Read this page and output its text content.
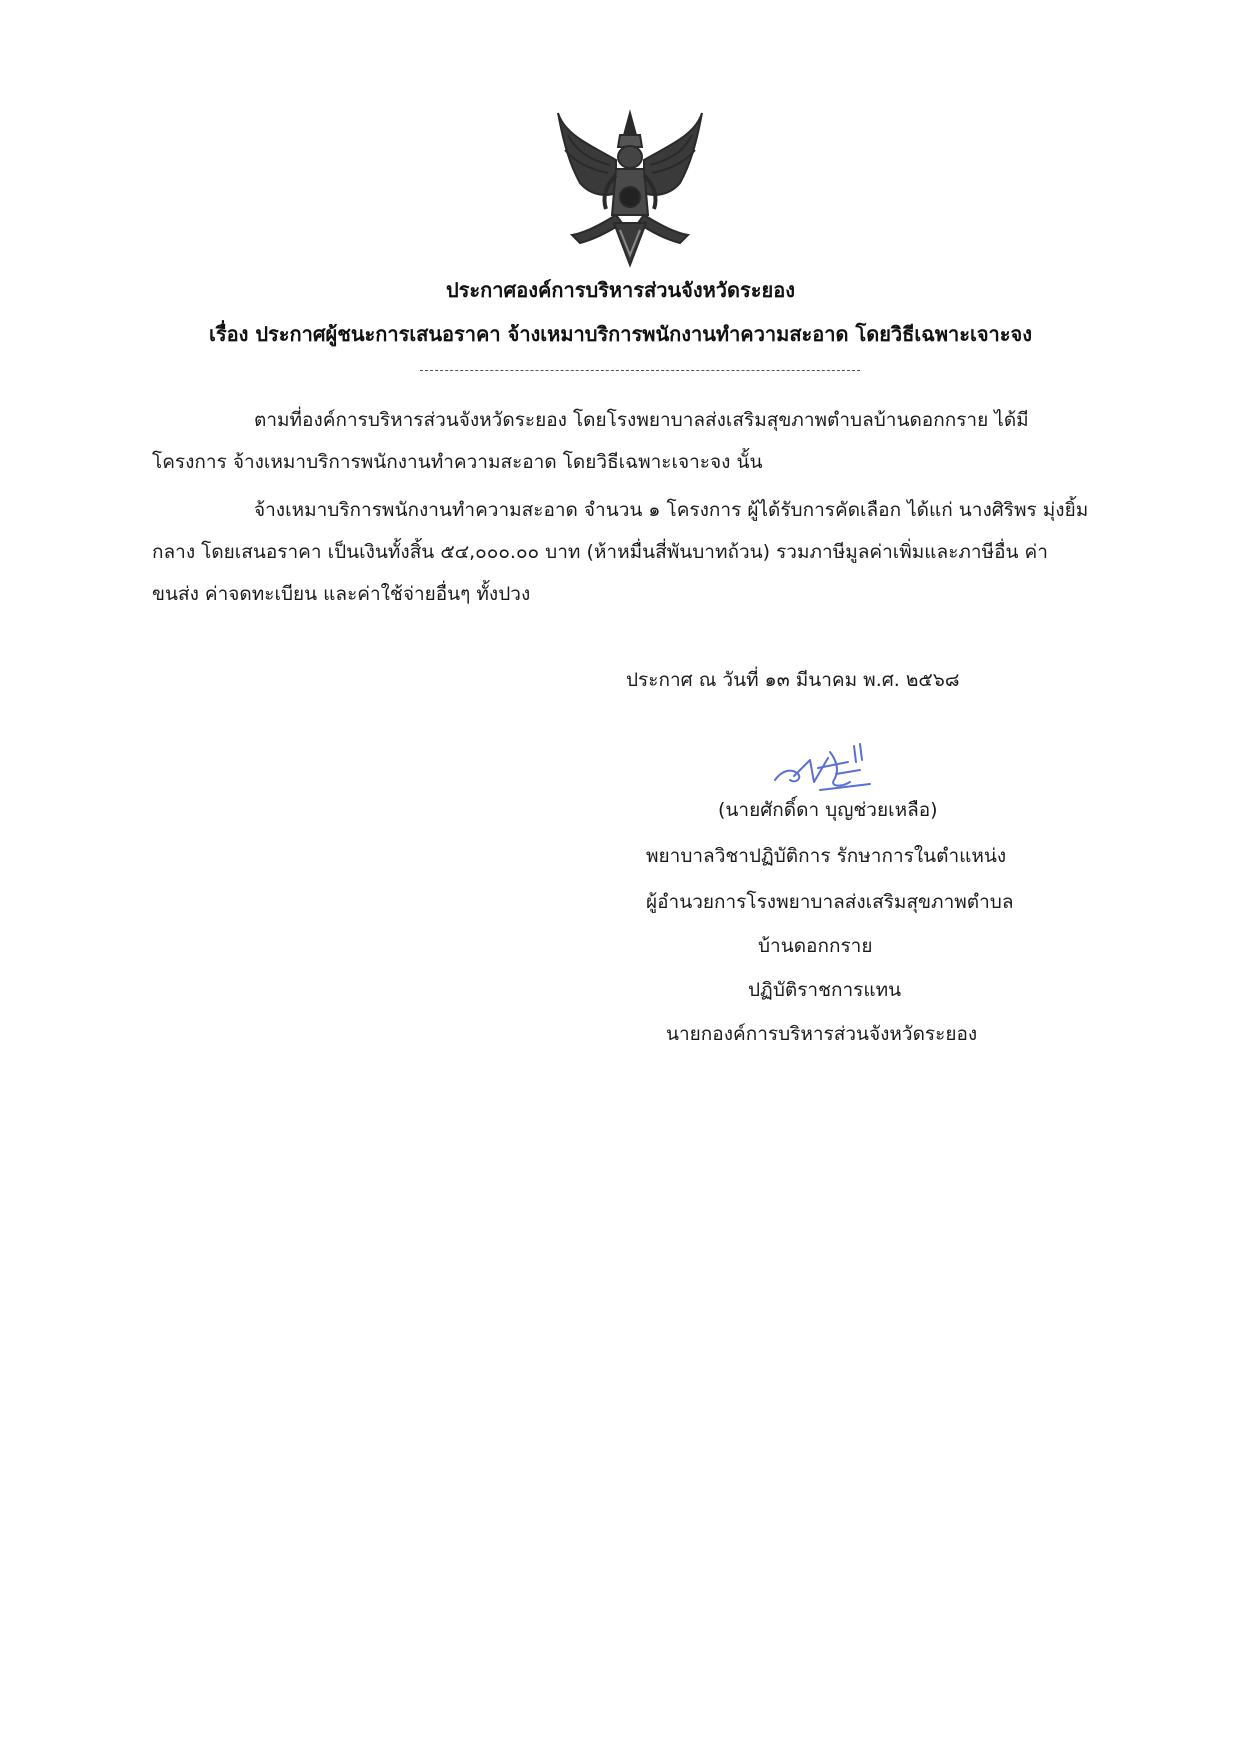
ประกาศองค์การบริหารส่วนจังหวัดระยอง
เรื่อง ประกาศผู้ชนะการเสนอราคา จ้างเหมาบริการพนักงานทำความสะอาด โดยวิธีเฉพาะเจาะจง
ตามที่องค์การบริหารส่วนจังหวัดระยอง โดยโรงพยาบาลส่งเสริมสุขภาพตำบลบ้านดอกกราย ได้มี
โครงการ จ้างเหมาบริการพนักงานทำความสะอาด โดยวิธีเฉพาะเจาะจง นั้น
จ้างเหมาบริการพนักงานทำความสะอาด จำนวน ๑ โครงการ ผู้ได้รับการคัดเลือก ได้แก่ นางศิริพร มุ่งยิ้ม
กลาง โดยเสนอราคา เป็นเงินทั้งสิ้น ๕๔,๐๐๐.๐๐ บาท (ห้าหมื่นสี่พันบาทถ้วน) รวมภาษีมูลค่าเพิ่มและภาษีอื่น ค่า
ขนส่ง ค่าจดทะเบียน และค่าใช้จ่ายอื่นๆ ทั้งปวง
ประกาศ ณ วันที่ ๑๓ มีนาคม พ.ศ. ๒๕๖๘
(นายศักดิ์ดา บุญช่วยเหลือ)
พยาบาลวิชาปฏิบัติการ รักษาการในตำแหน่ง
ผู้อำนวยการโรงพยาบาลส่งเสริมสุขภาพตำบล
บ้านดอกกราย
ปฏิบัติราชการแทน
นายกองค์การบริหารส่วนจังหวัดระยอง
